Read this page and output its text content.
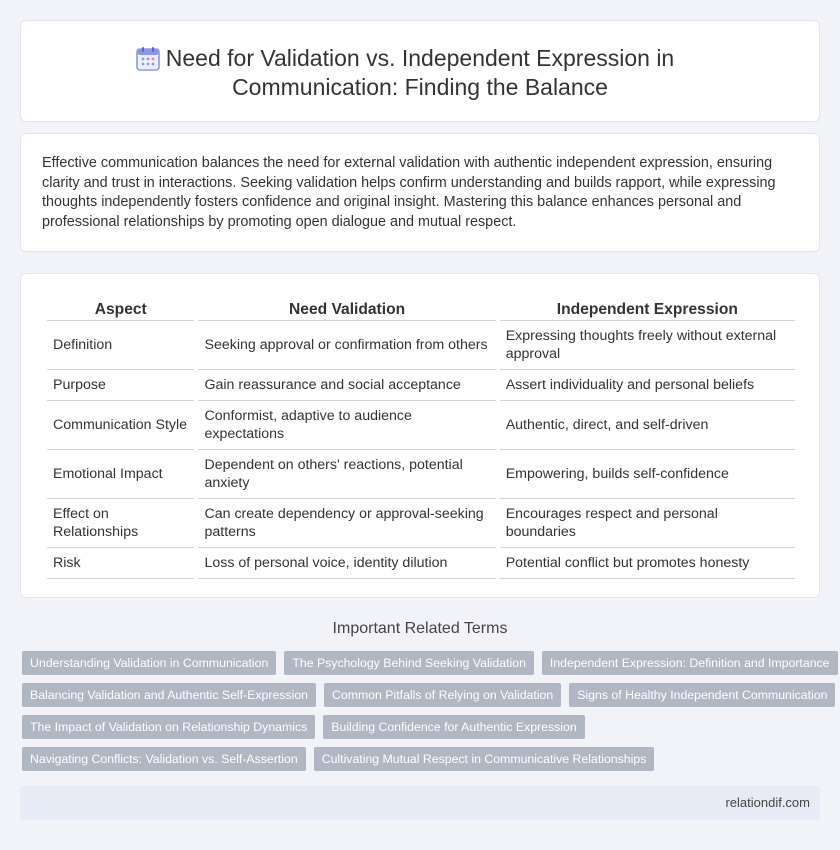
Need for Validation vs. Independent Expression in
Communication: Finding the Balance

Effective communication balances the need for external validation with authentic independent expression, ensuring clarity and trust in interactions. Seeking validation helps confirm understanding and builds rapport, while expressing thoughts independently fosters confidence and original insight. Mastering this balance enhances personal and professional relationships by promoting open dialogue and mutual respect.

Aspect	Need Validation	Independent Expression
Definition	Seeking approval or confirmation from others	Expressing thoughts freely without external approval
Purpose	Gain reassurance and social acceptance	Assert individuality and personal beliefs
Communication Style	Conformist, adaptive to audience expectations	Authentic, direct, and self-driven
Emotional Impact	Dependent on others' reactions, potential anxiety	Empowering, builds self-confidence
Effect on Relationships	Can create dependency or approval-seeking patterns	Encourages respect and personal boundaries
Risk	Loss of personal voice, identity dilution	Potential conflict but promotes honesty
Important Related Terms
Understanding Validation in Communication	The Psychology Behind Seeking Validation	Independent Expression: Definition and Importance
Balancing Validation and Authentic Self-Expression	Common Pitfalls of Relying on Validation	Signs of Healthy Independent Communication
The Impact of Validation on Relationship Dynamics	Building Confidence for Authentic Expression
Navigating Conflicts: Validation vs. Self-Assertion	Cultivating Mutual Respect in Communicative Relationships
relationdif.com
